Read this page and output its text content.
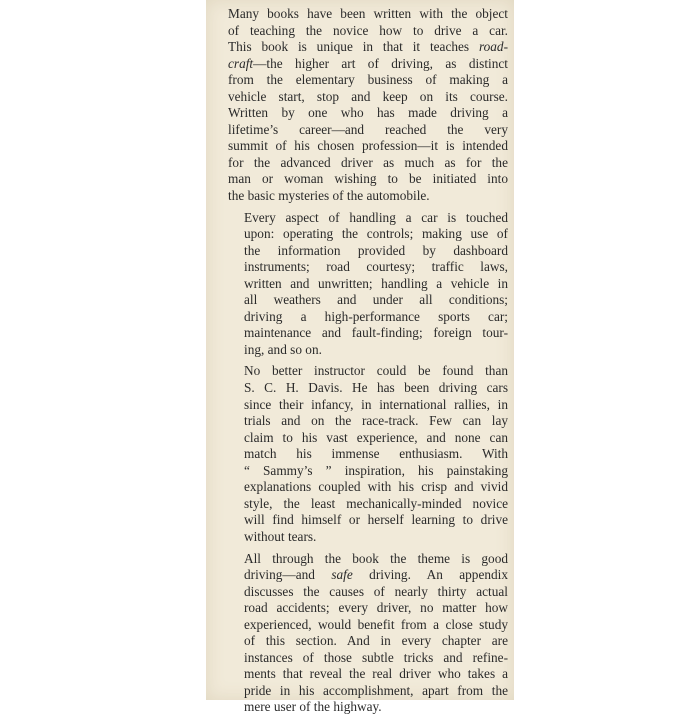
Many books have been written with the object
of teaching the novice how to drive a car.
This book is unique in that it teaches road-
craft—the higher art of driving, as distinct
from the elementary business of making a
vehicle start, stop and keep on its course.
Written by one who has made driving a
lifetime’s career—and reached the very
summit of his chosen profession—it is intended
for the advanced driver as much as for the
man or woman wishing to be initiated into
the basic mysteries of the automobile.
Every aspect of handling a car is touched
upon: operating the controls; making use of
the information provided by dashboard
instruments; road courtesy; traffic laws,
written and unwritten; handling a vehicle in
all weathers and under all conditions;
driving a high-performance sports car;
maintenance and fault-finding; foreign tour-
ing, and so on.
No better instructor could be found than
S. C. H. Davis. He has been driving cars
since their infancy, in international rallies, in
trials and on the race-track. Few can lay
claim to his vast experience, and none can
match his immense enthusiasm. With
“ Sammy’s ” inspiration, his painstaking
explanations coupled with his crisp and vivid
style, the least mechanically-minded novice
will find himself or herself learning to drive
without tears.
All through the book the theme is good
driving—and safe driving. An appendix
discusses the causes of nearly thirty actual
road accidents; every driver, no matter how
experienced, would benefit from a close study
of this section. And in every chapter are
instances of those subtle tricks and refine-
ments that reveal the real driver who takes a
pride in his accomplishment, apart from the
mere user of the highway.
